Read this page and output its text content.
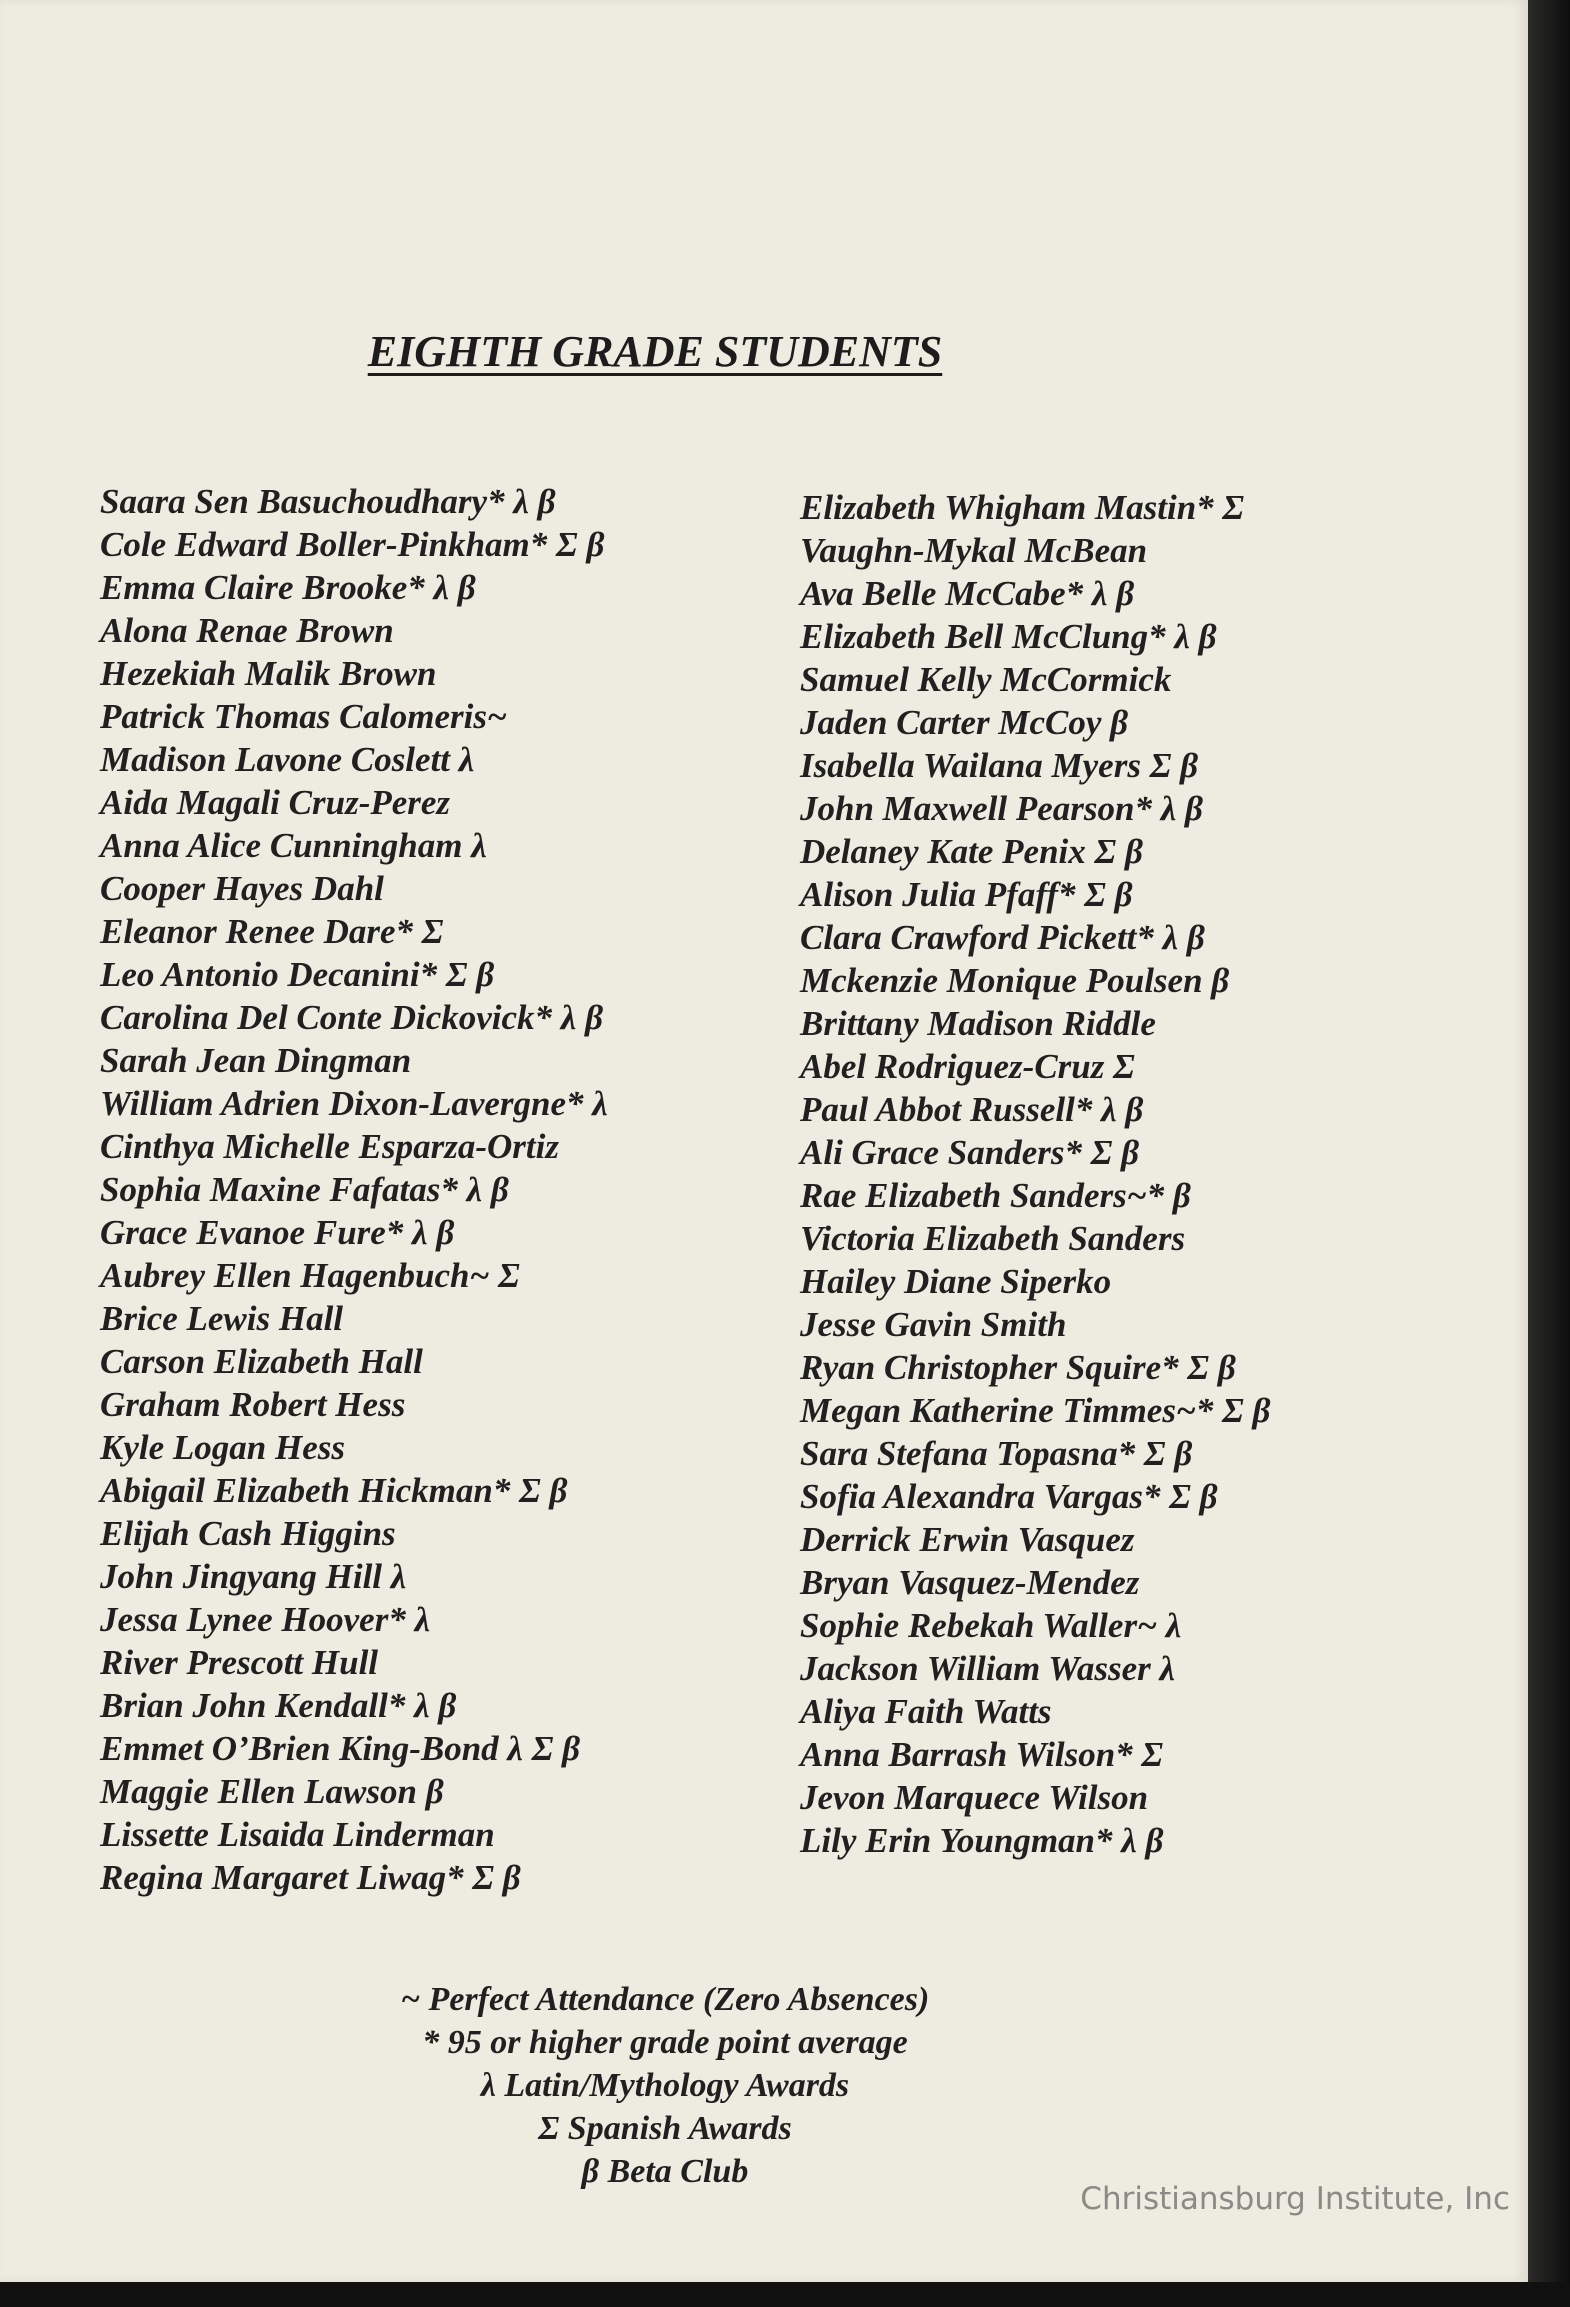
EIGHTH GRADE STUDENTS
Saara Sen Basuchoudhary* λ β
Cole Edward Boller-Pinkham* Σ β
Emma Claire Brooke* λ β
Alona Renae Brown
Hezekiah Malik Brown
Patrick Thomas Calomeris~
Madison Lavone Coslett λ
Aida Magali Cruz-Perez
Anna Alice Cunningham λ
Cooper Hayes Dahl
Eleanor Renee Dare* Σ
Leo Antonio Decanini* Σ β
Carolina Del Conte Dickovick* λ β
Sarah Jean Dingman
William Adrien Dixon-Lavergne* λ
Cinthya Michelle Esparza-Ortiz
Sophia Maxine Fafatas* λ β
Grace Evanoe Fure* λ β
Aubrey Ellen Hagenbuch~ Σ
Brice Lewis Hall
Carson Elizabeth Hall
Graham Robert Hess
Kyle Logan Hess
Abigail Elizabeth Hickman* Σ β
Elijah Cash Higgins
John Jingyang Hill λ
Jessa Lynee Hoover* λ
River Prescott Hull
Brian John Kendall* λ β
Emmet O’Brien King-Bond λ Σ β
Maggie Ellen Lawson β
Lissette Lisaida Linderman
Regina Margaret Liwag* Σ β
Elizabeth Whigham Mastin* Σ
Vaughn-Mykal McBean
Ava Belle McCabe* λ β
Elizabeth Bell McClung* λ β
Samuel Kelly McCormick
Jaden Carter McCoy β
Isabella Wailana Myers Σ β
John Maxwell Pearson* λ β
Delaney Kate Penix Σ β
Alison Julia Pfaff* Σ β
Clara Crawford Pickett* λ β
Mckenzie Monique Poulsen β
Brittany Madison Riddle
Abel Rodriguez-Cruz Σ
Paul Abbot Russell* λ β
Ali Grace Sanders* Σ β
Rae Elizabeth Sanders~* β
Victoria Elizabeth Sanders
Hailey Diane Siperko
Jesse Gavin Smith
Ryan Christopher Squire* Σ β
Megan Katherine Timmes~* Σ β
Sara Stefana Topasna* Σ β
Sofia Alexandra Vargas* Σ β
Derrick Erwin Vasquez
Bryan Vasquez-Mendez
Sophie Rebekah Waller~ λ
Jackson William Wasser λ
Aliya Faith Watts
Anna Barrash Wilson* Σ
Jevon Marquece Wilson
Lily Erin Youngman* λ β
~ Perfect Attendance (Zero Absences)
* 95 or higher grade point average
λ Latin/Mythology Awards
Σ Spanish Awards
β Beta Club
Christiansburg Institute, Inc
